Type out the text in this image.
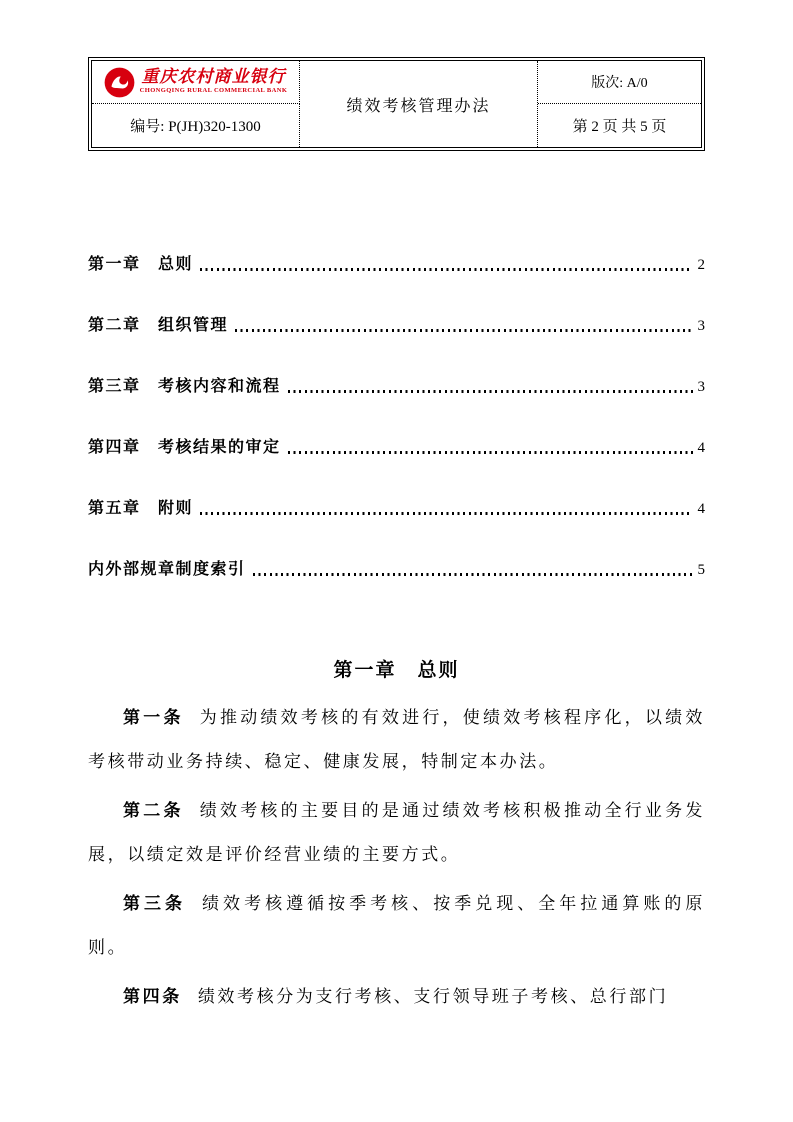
重庆农村商业银行
CHONGQING RURAL COMMERCIAL BANK
绩效考核管理办法
版次: A/0
编号: P(JH)320-1300	第 2 页 共 5 页
第一章　总则	2
第二章　组织管理	3
第三章　考核内容和流程	3
第四章　考核结果的审定	4
第五章　附则	4
内外部规章制度索引	5
第一章　总则

第一条 为推动绩效考核的有效进行，使绩效考核程序化，以绩效考核带动业务持续、稳定、健康发展，特制定本办法。

第二条 绩效考核的主要目的是通过绩效考核积极推动全行业务发展，以绩定效是评价经营业绩的主要方式。

第三条 绩效考核遵循按季考核、按季兑现、全年拉通算账的原则。

第四条 绩效考核分为支行考核、支行领导班子考核、总行部门
